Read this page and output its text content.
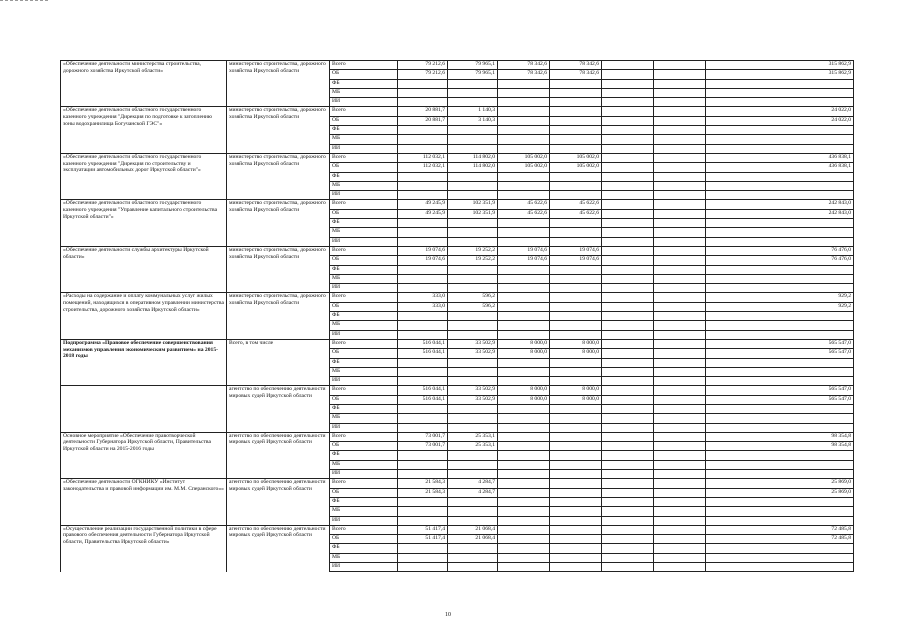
«Обеспечение деятельности министерства строительства, дорожного хозяйства Иркутской области»	министерство строительства, дорожного хозяйства Иркутской области	Всего	79 212,6	79 965,1	78 342,6	78 342,6			315 862,9
		ОБ	79 212,6	79 965,1	78 342,6	78 342,6			315 862,9
		ФБ							
		МБ							
		ИИ							
«Обеспечение деятельности областного государственного казенного учреждения "Дирекция по подготовке к затоплению зоны водохранилища Богучанской ГЭС"»	министерство строительства, дорожного хозяйства Иркутской области	Всего	20 881,7	1 140,3					24 022,0
		ОБ	20 881,7	3 140,3					24 022,0
		ФБ							
		МБ							
		ИИ							
«Обеспечение деятельности областного государственного казенного учреждения "Дирекция по строительству и эксплуатации автомобильных дорог Иркутской области"»	министерство строительства, дорожного хозяйства Иркутской области	Всего	112 032,1	114 802,0	105 002,0	105 002,0			436 838,1
		ОБ	112 032,1	114 802,0	105 002,0	105 002,0			436 838,1
		ФБ							
		МБ							
		ИИ							
«Обеспечение деятельности областного государственного казенного учреждения "Управление капитального строительства Иркутской области"»	министерство строительства, дорожного хозяйства Иркутской области	Всего	49 245,9	102 351,9	45 622,6	45 622,6			242 843,0
		ОБ	49 245,9	102 351,9	45 622,6	45 622,6			242 843,0
		ФБ							
		МБ							
		ИИ							
«Обеспечение деятельности службы архитектуры Иркутской области»	министерство строительства, дорожного хозяйства Иркутской области	Всего	19 074,6	19 252,2	19 074,6	19 074,6			76 476,0
		ОБ	19 074,6	19 252,2	19 074,6	19 074,6			76 476,0
		ФБ							
		МБ							
		ИИ							
«Расходы на содержание и оплату коммунальных услуг жилых помещений, находящихся в оперативном управлении министерства строительства, дорожного хозяйства Иркутской области»	министерство строительства, дорожного хозяйства Иркутской области	Всего	333,0	596,2					929,2
		ОБ	333,0	596,2					929,2
		ФБ							
		МБ							
		ИИ							
Подпрограмма «Правовое обеспечение совершенствования механизмов управления экономическим развитием» на 2015-2018 годы	Всего, в том числе	Всего	516 044,1	33 502,9	8 000,0	8 000,0			565 547,0
		ОБ	516 044,1	33 502,9	8 000,0	8 000,0			565 547,0
		ФБ							
		МБ							
		ИИ							
	агентство по обеспечению деятельности мировых судей Иркутской области	Всего	516 044,1	33 502,9	8 000,0	8 000,0			565 547,0
		ОБ	516 044,1	33 502,9	8 000,0	8 000,0			565 547,0
		ФБ							
		МБ							
		ИИ							
Основное мероприятие «Обеспечение правотворческой деятельности Губернатора Иркутской области, Правительства Иркутской области на 2015-2016 годы	агентство по обеспечению деятельности мировых судей Иркутской области	Всего	73 001,7	25 353,1					98 354,8
		ОБ	73 001,7	25 353,1					98 354,8
		ФБ							
		МБ							
		ИИ							
«Обеспечение деятельности ОГКНИКУ «Институт законодательства и правовой информации им. М.М. Сперанского»»	агентство по обеспечению деятельности мировых судей Иркутской области	Всего	21 584,3	4 284,7					25 869,0
		ОБ	21 584,3	4 284,7					25 869,0
		ФБ							
		МБ							
		ИИ							
«Осуществление реализации государственной политики в сфере правового обеспечения деятельности Губернатора Иркутской области, Правительства Иркутской области»	агентство по обеспечению деятельности мировых судей Иркутской области	Всего	51 417,4	21 068,4					72 485,8
		ОБ	51 417,4	21 068,4					72 485,8
		ФБ							
		МБ							
		ИИ							
10
